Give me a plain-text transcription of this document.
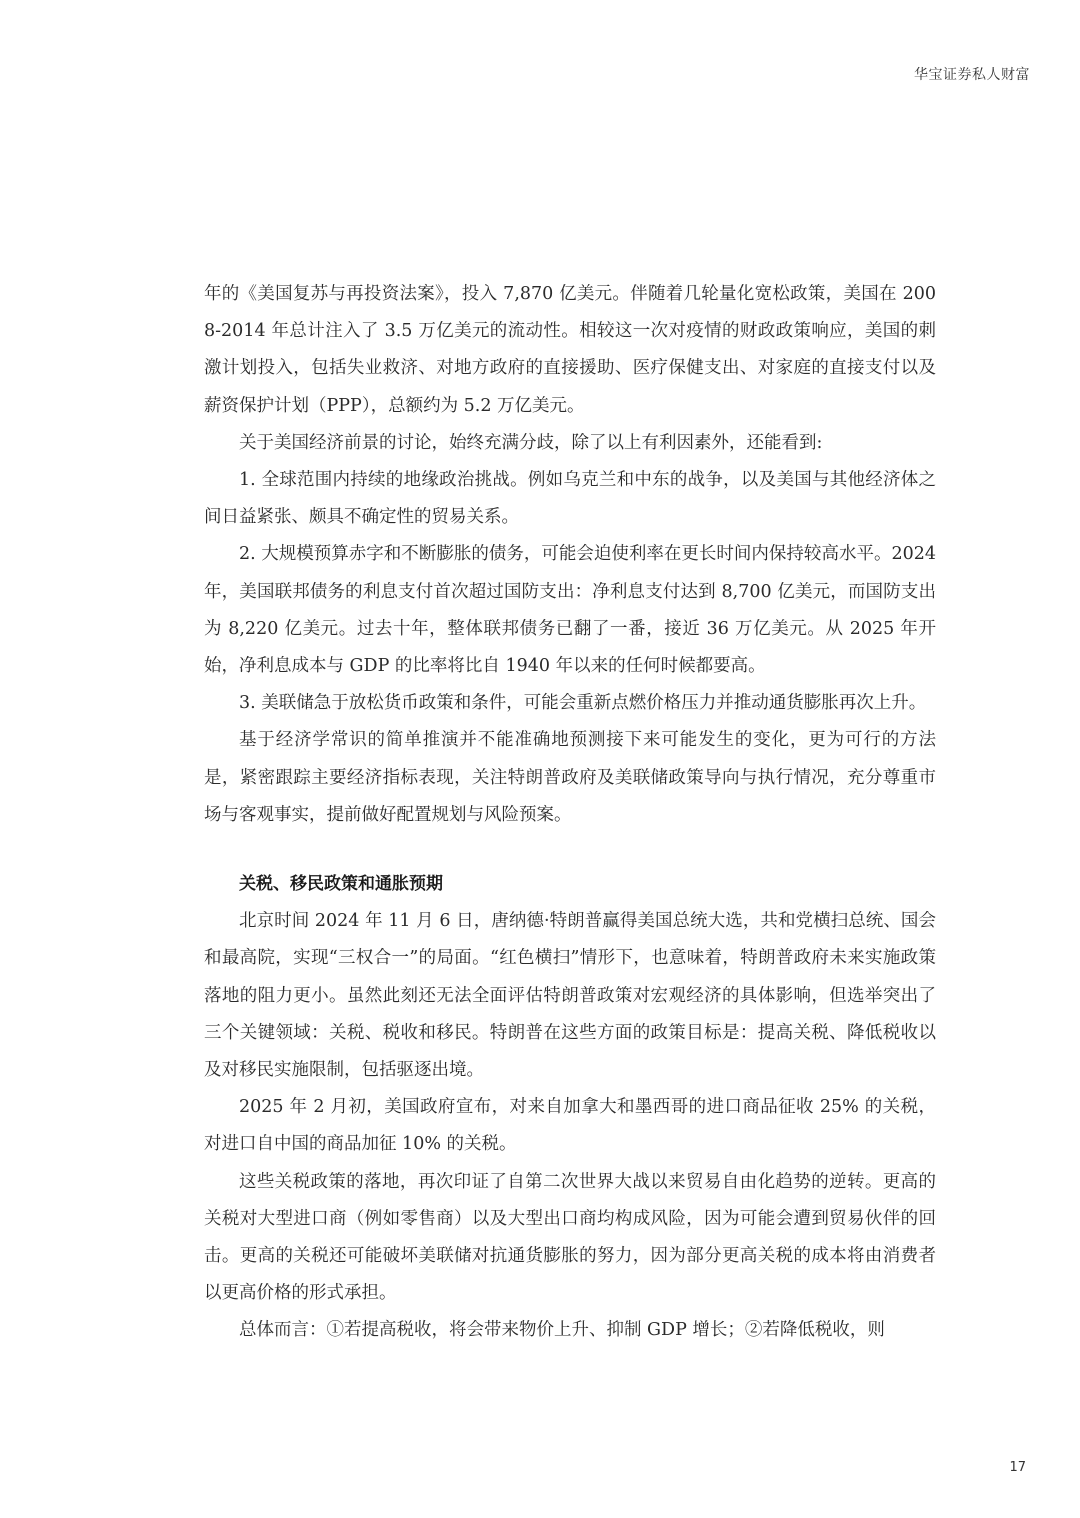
华宝证券私人财富

年的《美国复苏与再投资法案》，投入 7,870 亿美元。伴随着几轮量化宽松政策，美国在 2008-2014 年总计注入了 3.5 万亿美元的流动性。相较这一次对疫情的财政政策响应，美国的刺激计划投入，包括失业救济、对地方政府的直接援助、医疗保健支出、对家庭的直接支付以及薪资保护计划（PPP），总额约为 5.2 万亿美元。

关于美国经济前景的讨论，始终充满分歧，除了以上有利因素外，还能看到:

1. 全球范围内持续的地缘政治挑战。例如乌克兰和中东的战争，以及美国与其他经济体之间日益紧张、颇具不确定性的贸易关系。

2. 大规模预算赤字和不断膨胀的债务，可能会迫使利率在更长时间内保持较高水平。2024 年，美国联邦债务的利息支付首次超过国防支出：净利息支付达到 8,700 亿美元，而国防支出为 8,220 亿美元。过去十年，整体联邦债务已翻了一番，接近 36 万亿美元。从 2025 年开始，净利息成本与 GDP 的比率将比自 1940 年以来的任何时候都要高。

3. 美联储急于放松货币政策和条件，可能会重新点燃价格压力并推动通货膨胀再次上升。

基于经济学常识的简单推演并不能准确地预测接下来可能发生的变化，更为可行的方法是，紧密跟踪主要经济指标表现，关注特朗普政府及美联储政策导向与执行情况，充分尊重市场与客观事实，提前做好配置规划与风险预案。

关税、移民政策和通胀预期

北京时间 2024 年 11 月 6 日，唐纳德·特朗普赢得美国总统大选，共和党横扫总统、国会和最高院，实现“三权合一”的局面。“红色横扫”情形下，也意味着，特朗普政府未来实施政策落地的阻力更小。虽然此刻还无法全面评估特朗普政策对宏观经济的具体影响，但选举突出了三个关键领域：关税、税收和移民。特朗普在这些方面的政策目标是：提高关税、降低税收以及对移民实施限制，包括驱逐出境。

2025 年 2 月初，美国政府宣布，对来自加拿大和墨西哥的进口商品征收 25% 的关税，对进口自中国的商品加征 10% 的关税。

这些关税政策的落地，再次印证了自第二次世界大战以来贸易自由化趋势的逆转。更高的关税对大型进口商（例如零售商）以及大型出口商均构成风险，因为可能会遭到贸易伙伴的回击。更高的关税还可能破坏美联储对抗通货膨胀的努力，因为部分更高关税的成本将由消费者以更高价格的形式承担。

总体而言：①若提高税收，将会带来物价上升、抑制 GDP 增长；②若降低税收，则

17
